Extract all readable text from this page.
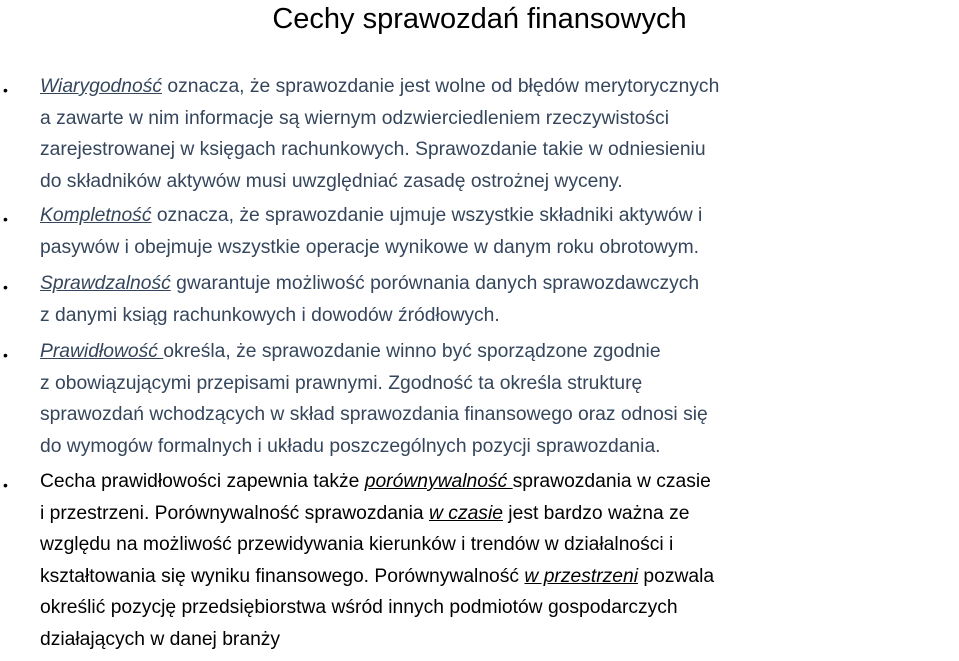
Cechy sprawozdań finansowych
• Wiarygodność oznacza, że sprawozdanie jest wolne od błędów merytorycznych
a zawarte w nim informacje są wiernym odzwierciedleniem rzeczywistości
zarejestrowanej w księgach rachunkowych. Sprawozdanie takie w odniesieniu
do składników aktywów musi uwzględniać zasadę ostrożnej wyceny.
• Kompletność oznacza, że sprawozdanie ujmuje wszystkie składniki aktywów i
pasywów i obejmuje wszystkie operacje wynikowe w danym roku obrotowym.
• Sprawdzalność gwarantuje możliwość porównania danych sprawozdawczych
z danymi ksiąg rachunkowych i dowodów źródłowych.
• Prawidłowość określa, że sprawozdanie winno być sporządzone zgodnie
z obowiązującymi przepisami prawnymi. Zgodność ta określa strukturę
sprawozdań wchodzących w skład sprawozdania finansowego oraz odnosi się
do wymogów formalnych i układu poszczególnych pozycji sprawozdania.
• Cecha prawidłowości zapewnia także porównywalność sprawozdania w czasie
i przestrzeni. Porównywalność sprawozdania w czasie jest bardzo ważna ze
względu na możliwość przewidywania kierunków i trendów w działalności i
kształtowania się wyniku finansowego. Porównywalność w przestrzeni pozwala
określić pozycję przedsiębiorstwa wśród innych podmiotów gospodarczych
działających w danej branży
